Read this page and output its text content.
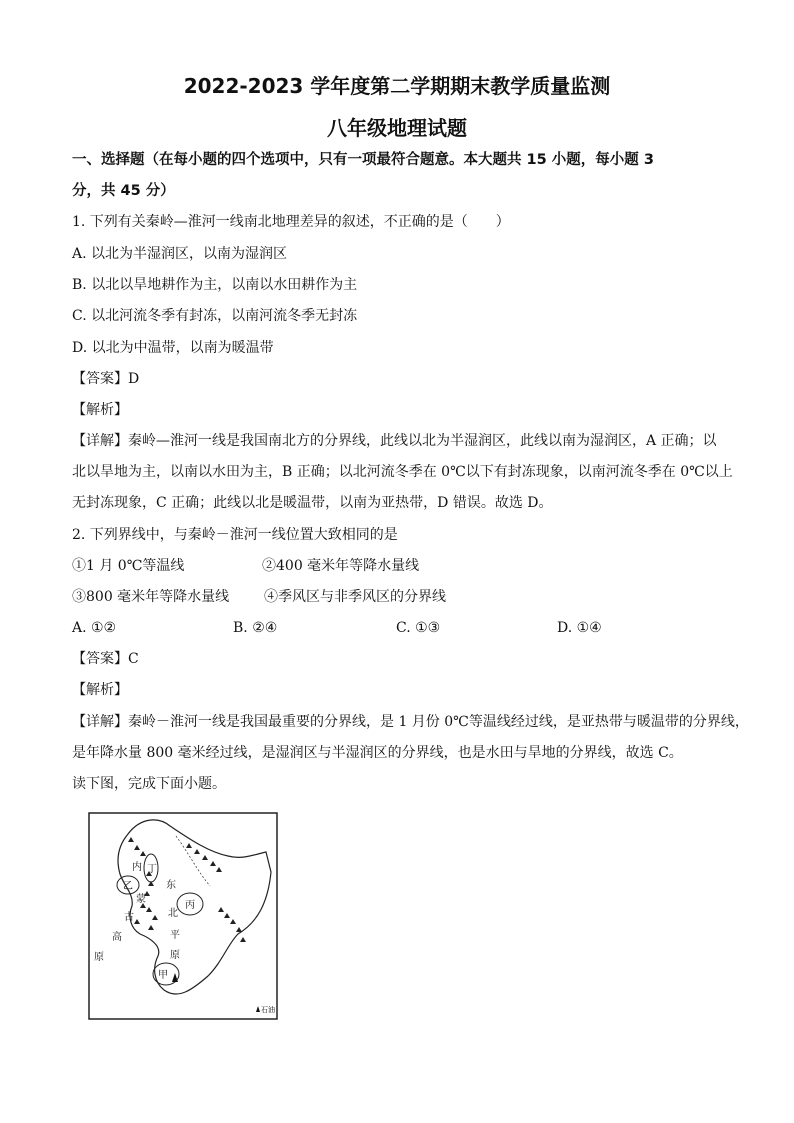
2022-2023 学年度第二学期期末教学质量监测
八年级地理试题
一、选择题（在每小题的四个选项中，只有一项最符合题意。本大题共 15 小题，每小题 3
分，共 45 分）
1. 下列有关秦岭—淮河一线南北地理差异的叙述，不正确的是（　　）
A. 以北为半湿润区，以南为湿润区
B. 以北以旱地耕作为主，以南以水田耕作为主
C. 以北河流冬季有封冻，以南河流冬季无封冻
D. 以北为中温带，以南为暖温带
【答案】D
【解析】
【详解】秦岭—淮河一线是我国南北方的分界线，此线以北为半湿润区，此线以南为湿润区，A 正确；以
北以旱地为主，以南以水田为主，B 正确；以北河流冬季在 0℃以下有封冻现象，以南河流冬季在 0℃以上
无封冻现象，C 正确；此线以北是暖温带，以南为亚热带，D 错误。故选 D。
2. 下列界线中，与秦岭－淮河一线位置大致相同的是
①1 月 0℃等温线	②400 毫米年等降水量线
③800 毫米年等降水量线 ④季风区与非季风区的分界线
A. ①②	B. ②④	C. ①③	D. ①④
【答案】C
【解析】
【详解】秦岭－淮河一线是我国最重要的分界线，是 1 月份 0℃等温线经过线，是亚热带与暖温带的分界线，
是年降水量 800 毫米经过线，是湿润区与半湿润区的分界线，也是水田与旱地的分界线，故选 C。
读下图，完成下面小题。
乙
丁
丙
甲
内
蒙
古
高
原
东
北
平
原
石油
